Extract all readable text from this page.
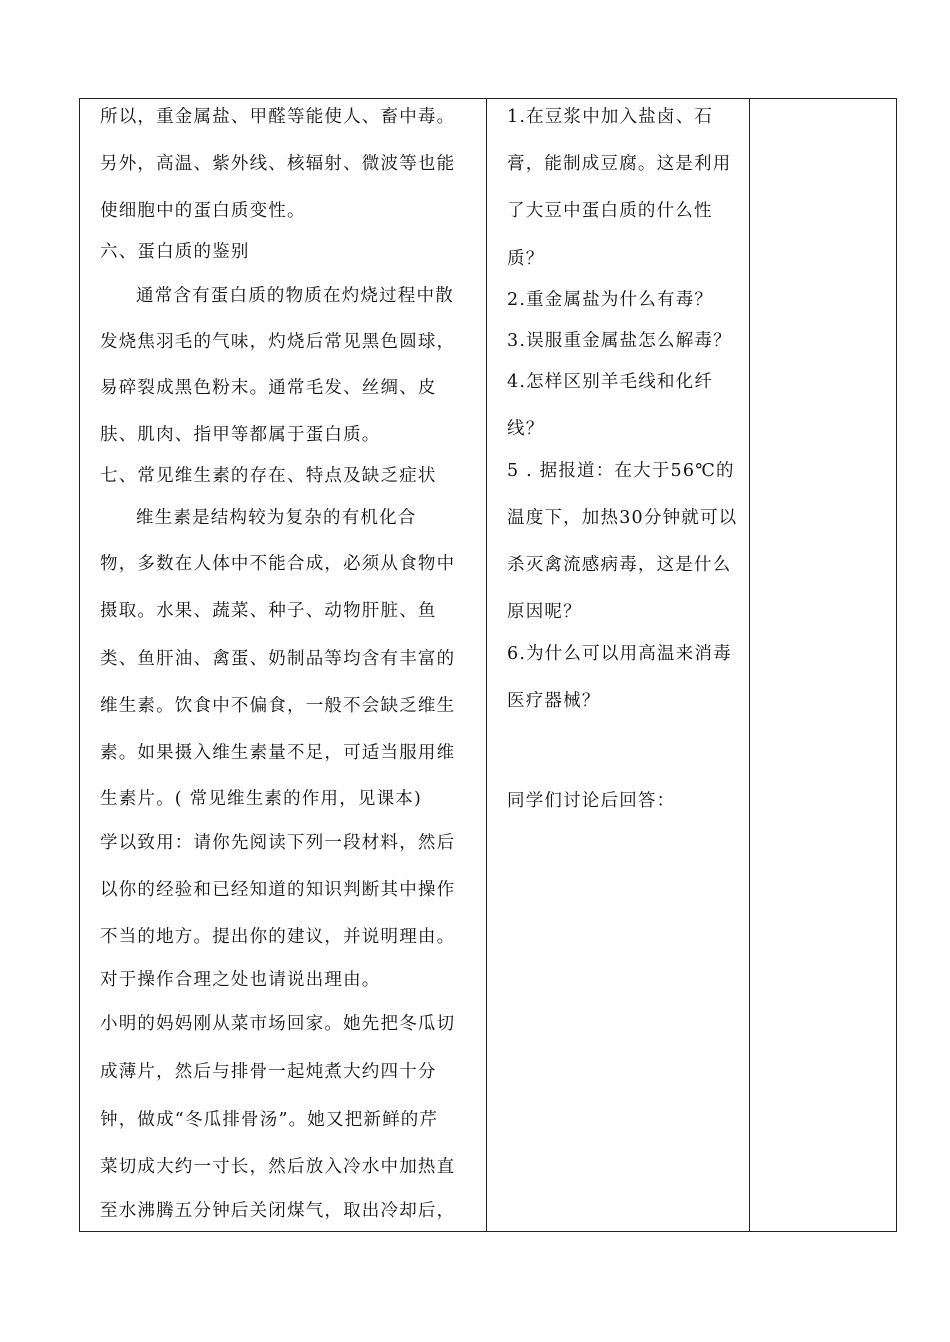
所以，重金属盐、甲醛等能使人、畜中毒。
另外，高温、紫外线、核辐射、微波等也能
使细胞中的蛋白质变性。
六、蛋白质的鉴别
通常含有蛋白质的物质在灼烧过程中散
发烧焦羽毛的气味，灼烧后常见黑色圆球，
易碎裂成黑色粉末。通常毛发、丝绸、皮
肤、肌肉、指甲等都属于蛋白质。
七、常见维生素的存在、特点及缺乏症状
维生素是结构较为复杂的有机化合
物，多数在人体中不能合成，必须从食物中
摄取。水果、蔬菜、种子、动物肝脏、鱼
类、鱼肝油、禽蛋、奶制品等均含有丰富的
维生素。饮食中不偏食，一般不会缺乏维生
素。如果摄入维生素量不足，可适当服用维
生素片。( 常见维生素的作用，见课本)
学以致用：请你先阅读下列一段材料，然后
以你的经验和已经知道的知识判断其中操作
不当的地方。提出你的建议，并说明理由。
对于操作合理之处也请说出理由。
小明的妈妈刚从菜市场回家。她先把冬瓜切
成薄片，然后与排骨一起炖煮大约四十分
钟，做成“冬瓜排骨汤”。她又把新鲜的芹
菜切成大约一寸长，然后放入冷水中加热直
至水沸腾五分钟后关闭煤气，取出冷却后，

1.在豆浆中加入盐卤、石
膏，能制成豆腐。这是利用
了大豆中蛋白质的什么性
质？
2.重金属盐为什么有毒？
3.误服重金属盐怎么解毒？
4.怎样区别羊毛线和化纤
线？
5 . 据报道：在大于56℃的
温度下，加热30分钟就可以
杀灭禽流感病毒，这是什么
原因呢？
6.为什么可以用高温来消毒
医疗器械？
同学们讨论后回答：
